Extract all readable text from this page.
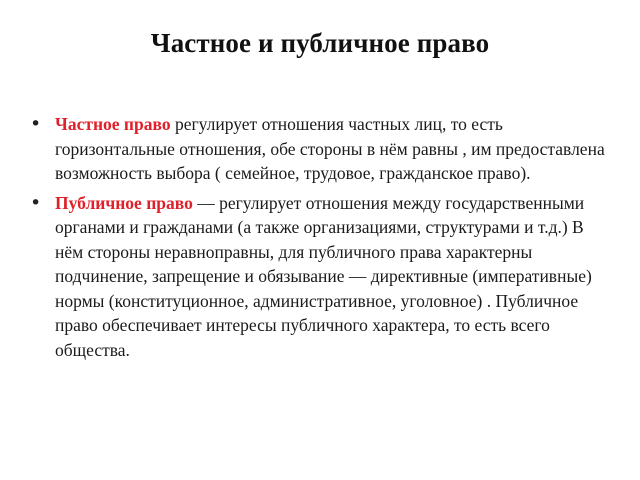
Частное и публичное право
• Частное право регулирует отношения частных лиц, то есть горизонтальные отношения, обе стороны в нём равны , им предоставлена возможность выбора ( семейное, трудовое, гражданское право).
• Публичное право — регулирует отношения между государственными органами и гражданами (а также организациями, структурами и т.д.) В нём стороны неравноправны, для публичного права характерны подчинение, запрещение и обязывание — директивные (императивные) нормы (конституционное, административное, уголовное) . Публичное право обеспечивает интересы публичного характера, то есть всего общества.
